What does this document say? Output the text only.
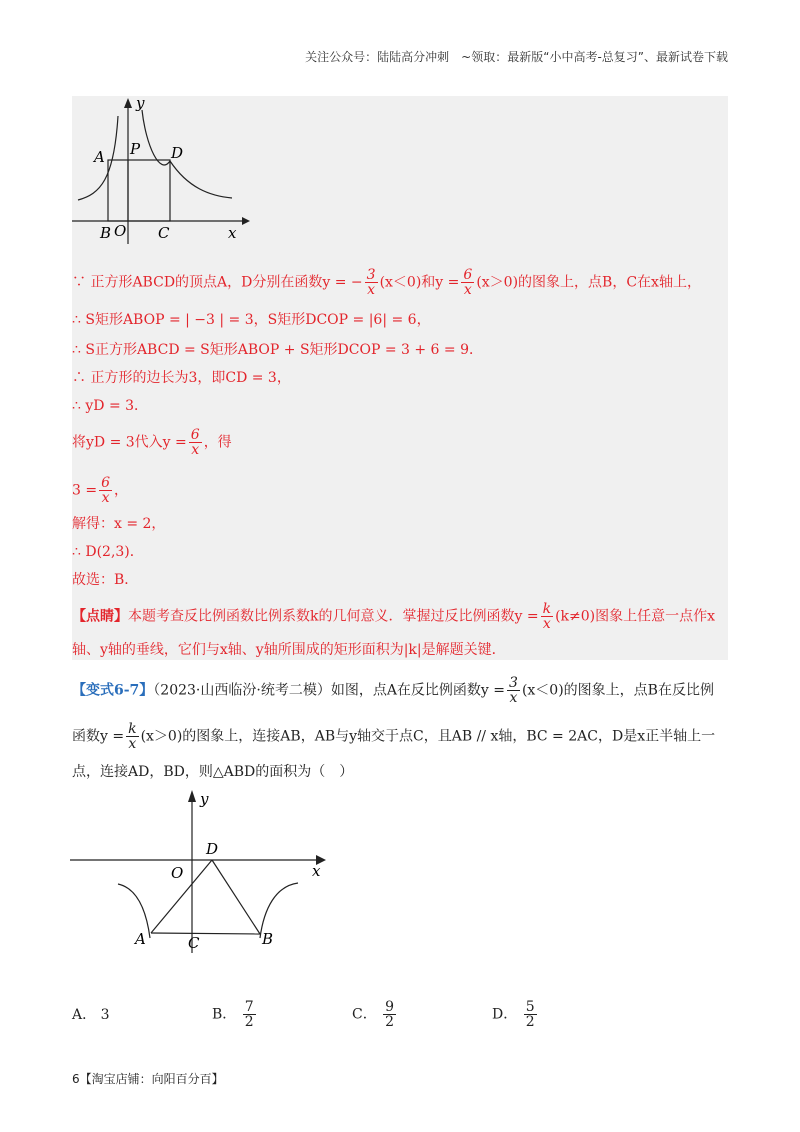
关注公众号：陆陆高分冲刺　~领取：最新版“小中高考-总复习”、最新试卷下载
y
x
A P D
B O C
∵ 正方形ABCD的顶点A，D分别在函数y = − $\frac{3}{x} (x<0)$和$y = \frac{6}{x} (x>0)$的图象上，点B，C在x轴上，
∴ S矩形ABOP = | −3 | = 3，S矩形DCOP = |6| = 6，
∴ S正方形ABCD = S矩形ABOP + S矩形DCOP = 3 + 6 = 9．
∴ 正方形的边长为3，即CD = 3，
∴ yD = 3．
将yD = 3代入$y = \frac{6}{x}$ ，得
$3 = \frac{6}{x}$ ，
解得：x = 2，
∴ D(2,3)．
故选：B．
【点睛】本题考查反比例函数比例系数k的几何意义．掌握过反比例函数$y = \frac{k}{x} (k\ne 0)$图象上任意一点作x
轴、y轴的垂线，它们与x轴、y轴所围成的矩形面积为|k|是解题关键．
【变式6-7】（2023·山西临汾·统考二模）如图，点A在反比例函数$y = \frac{3}{x} (x<0)$的图象上，点B在反比例
函数$y = \frac{k}{x} (x>0)$的图象上，连接AB，AB与y轴交于点C，且AB // x轴，BC = 2AC，D是x正半轴上一
点，连接AD，BD，则△ABD的面积为（　）
y
x
O
D
A	C	B
A． 3	B． $\frac{7}{2}$	C． $\frac{9}{2}$	D． $\frac{5}{2}$
6【淘宝店铺：向阳百分百】
